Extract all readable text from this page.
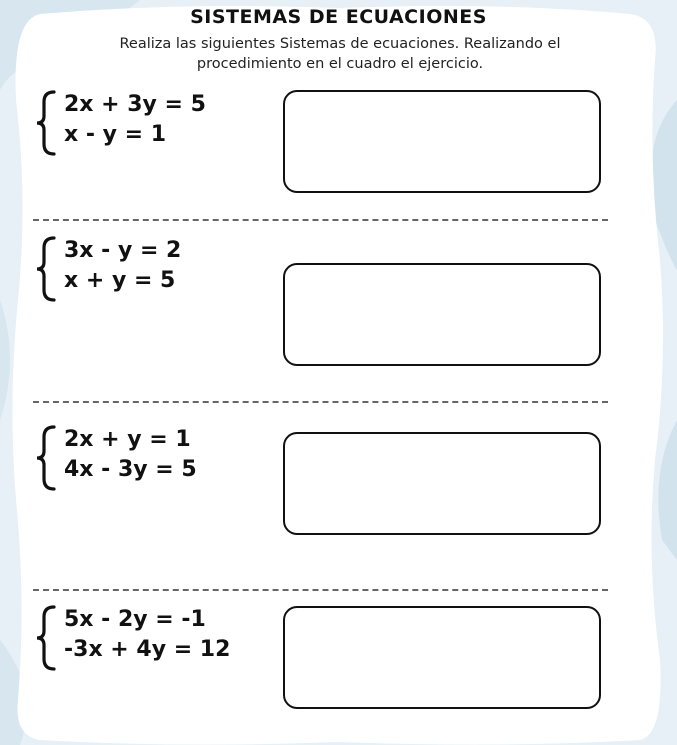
SISTEMAS DE ECUACIONES
Realiza las siguientes Sistemas de ecuaciones. Realizando el procedimiento en el cuadro el ejercicio.
2x + 3y = 5
x - y = 1
3x - y = 2
x + y = 5
2x + y = 1
4x - 3y = 5
5x - 2y = -1
-3x + 4y = 12
